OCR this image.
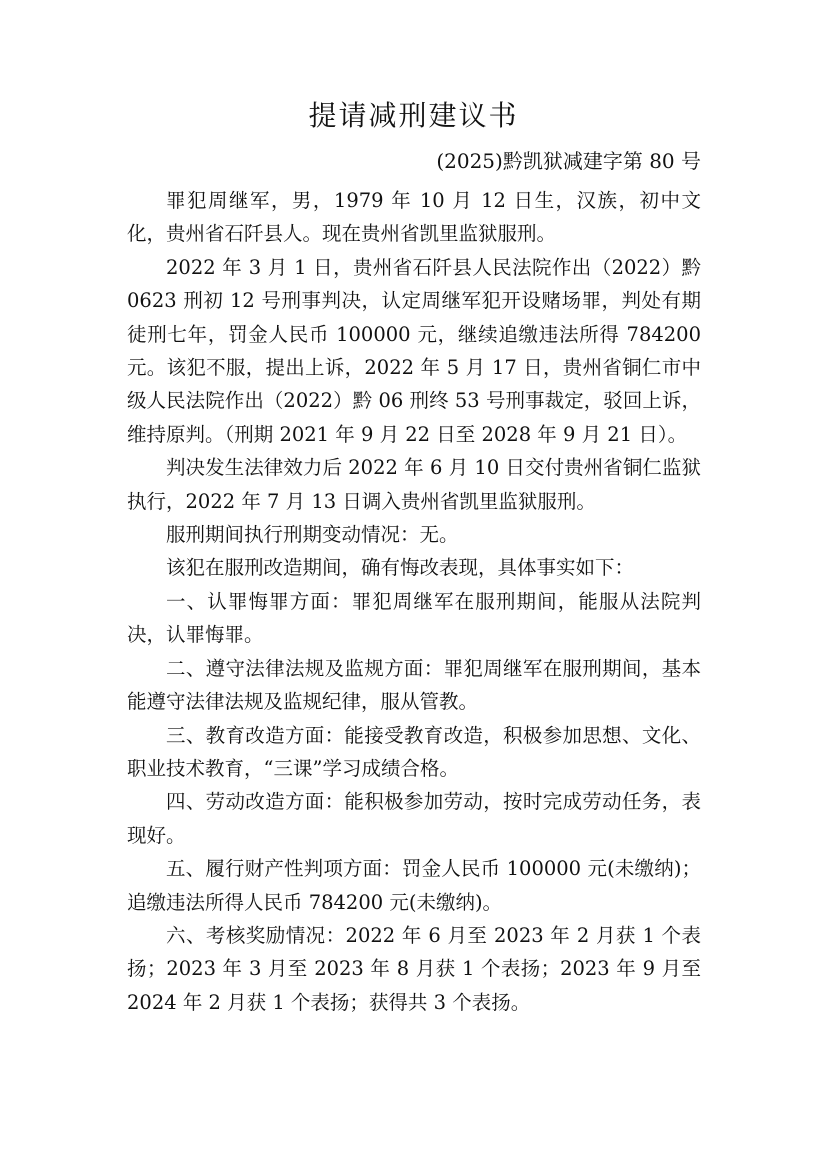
提请减刑建议书
(2025)黔凯狱减建字第 80 号

罪犯周继军，男，1979 年 10 月 12 日生，汉族，初中文化，贵州省石阡县人。现在贵州省凯里监狱服刑。

2022 年 3 月 1 日，贵州省石阡县人民法院作出（2022）黔 0623 刑初 12 号刑事判决，认定周继军犯开设赌场罪，判处有期徒刑七年，罚金人民币 100000 元，继续追缴违法所得 784200 元。该犯不服，提出上诉，2022 年 5 月 17 日，贵州省铜仁市中级人民法院作出（2022）黔 06 刑终 53 号刑事裁定，驳回上诉，维持原判。（刑期 2021 年 9 月 22 日至 2028 年 9 月 21 日）。

判决发生法律效力后 2022 年 6 月 10 日交付贵州省铜仁监狱执行，2022 年 7 月 13 日调入贵州省凯里监狱服刑。

服刑期间执行刑期变动情况：无。

该犯在服刑改造期间，确有悔改表现，具体事实如下：

一、认罪悔罪方面：罪犯周继军在服刑期间，能服从法院判决，认罪悔罪。

二、遵守法律法规及监规方面：罪犯周继军在服刑期间，基本能遵守法律法规及监规纪律，服从管教。

三、教育改造方面：能接受教育改造，积极参加思想、文化、职业技术教育，“三课”学习成绩合格。

四、劳动改造方面：能积极参加劳动，按时完成劳动任务，表现好。

五、履行财产性判项方面：罚金人民币 100000 元(未缴纳)；追缴违法所得人民币 784200 元(未缴纳)。

六、考核奖励情况：2022 年 6 月至 2023 年 2 月获 1 个表扬；2023 年 3 月至 2023 年 8 月获 1 个表扬；2023 年 9 月至 2024 年 2 月获 1 个表扬；获得共 3 个表扬。
